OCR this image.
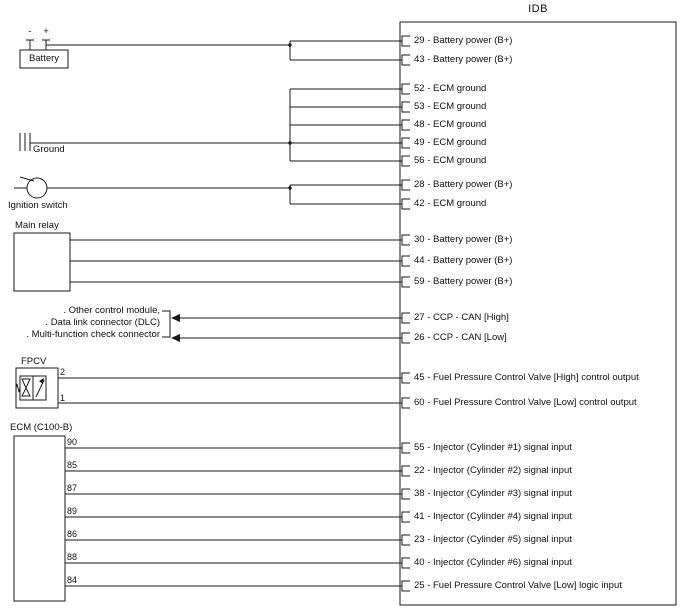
IDB
-	+
Battery
Ground
Ignition switch
Main relay
. Other control module,
. Data link connector (DLC)
. Multi-function check connector
FPCV
2
1
ECM (C100-B)
90
85
87
89
86
88
84
29 - Battery power (B+)
43 - Battery power (B+)
52 - ECM ground
53 - ECM ground
48 - ECM ground
49 - ECM ground
56 - ECM ground
28 - Battery power (B+)
42 - ECM ground
30 - Battery power (B+)
44 - Battery power (B+)
59 - Battery power (B+)
27 - CCP - CAN [High]
26 - CCP - CAN [Low]
45 - Fuel Pressure Control Valve [High] control output
60 - Fuel Pressure Control Valve [Low] control output
55 - Injector (Cylinder #1) signal input
22 - Injector (Cylinder #2) signal input
38 - Injector (Cylinder #3) signal input
41 - Injector (Cylinder #4) signal input
23 - Injector (Cylinder #5) signal input
40 - Injector (Cylinder #6) signal input
25 - Fuel Pressure Control Valve [Low] logic input
